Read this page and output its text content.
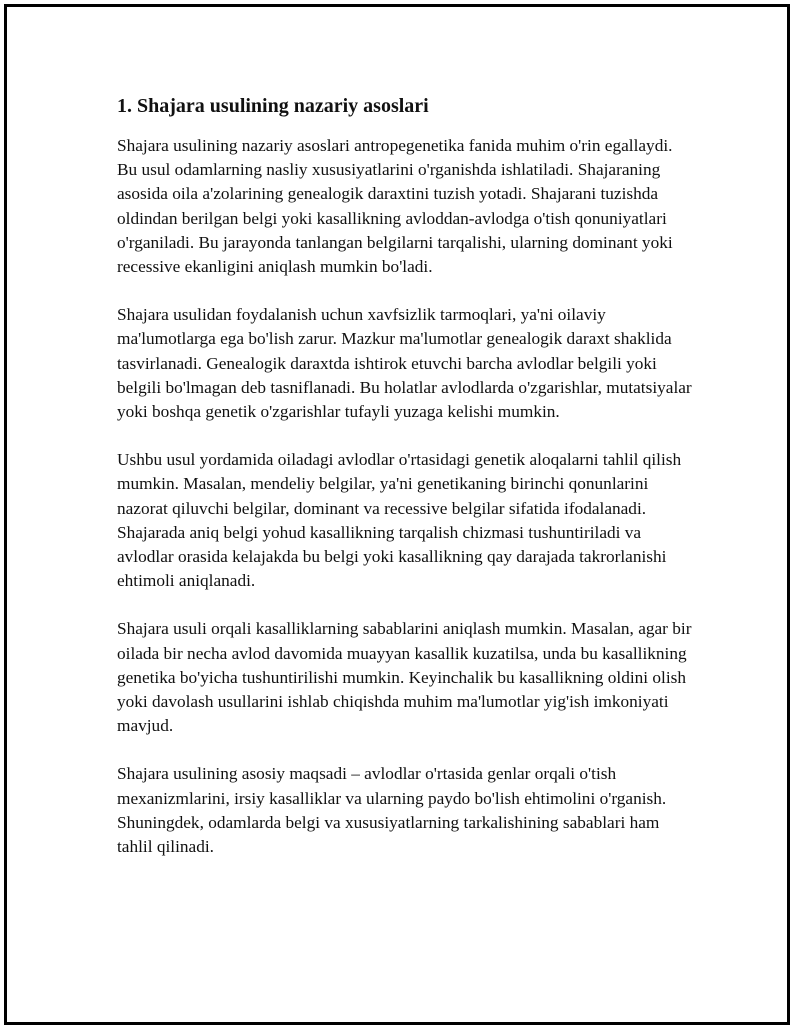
1. Shajara usulining nazariy asoslari

Shajara usulining nazariy asoslari antropegenetika fanida muhim o'rin egallaydi. Bu usul odamlarning nasliy xususiyatlarini o'rganishda ishlatiladi. Shajaraning asosida oila a'zolarining genealogik daraxtini tuzish yotadi. Shajarani tuzishda oldindan berilgan belgi yoki kasallikning avloddan-avlodga o'tish qonuniyatlari o'rganiladi. Bu jarayonda tanlangan belgilarni tarqalishi, ularning dominant yoki recessive ekanligini aniqlash mumkin bo'ladi.

Shajara usulidan foydalanish uchun xavfsizlik tarmoqlari, ya'ni oilaviy ma'lumotlarga ega bo'lish zarur. Mazkur ma'lumotlar genealogik daraxt shaklida tasvirlanadi. Genealogik daraxtda ishtirok etuvchi barcha avlodlar belgili yoki belgili bo'lmagan deb tasniflanadi. Bu holatlar avlodlarda o'zgarishlar, mutatsiyalar yoki boshqa genetik o'zgarishlar tufayli yuzaga kelishi mumkin.

Ushbu usul yordamida oiladagi avlodlar o'rtasidagi genetik aloqalarni tahlil qilish mumkin. Masalan, mendeliy belgilar, ya'ni genetikaning birinchi qonunlarini nazorat qiluvchi belgilar, dominant va recessive belgilar sifatida ifodalanadi. Shajarada aniq belgi yohud kasallikning tarqalish chizmasi tushuntiriladi va avlodlar orasida kelajakda bu belgi yoki kasallikning qay darajada takrorlanishi ehtimoli aniqlanadi.

Shajara usuli orqali kasalliklarning sabablarini aniqlash mumkin. Masalan, agar bir oilada bir necha avlod davomida muayyan kasallik kuzatilsa, unda bu kasallikning genetika bo'yicha tushuntirilishi mumkin. Keyinchalik bu kasallikning oldini olish yoki davolash usullarini ishlab chiqishda muhim ma'lumotlar yig'ish imkoniyati mavjud.

Shajara usulining asosiy maqsadi – avlodlar o'rtasida genlar orqali o'tish mexanizmlarini, irsiy kasalliklar va ularning paydo bo'lish ehtimolini o'rganish. Shuningdek, odamlarda belgi va xususiyatlarning tarkalishining sabablari ham tahlil qilinadi.
